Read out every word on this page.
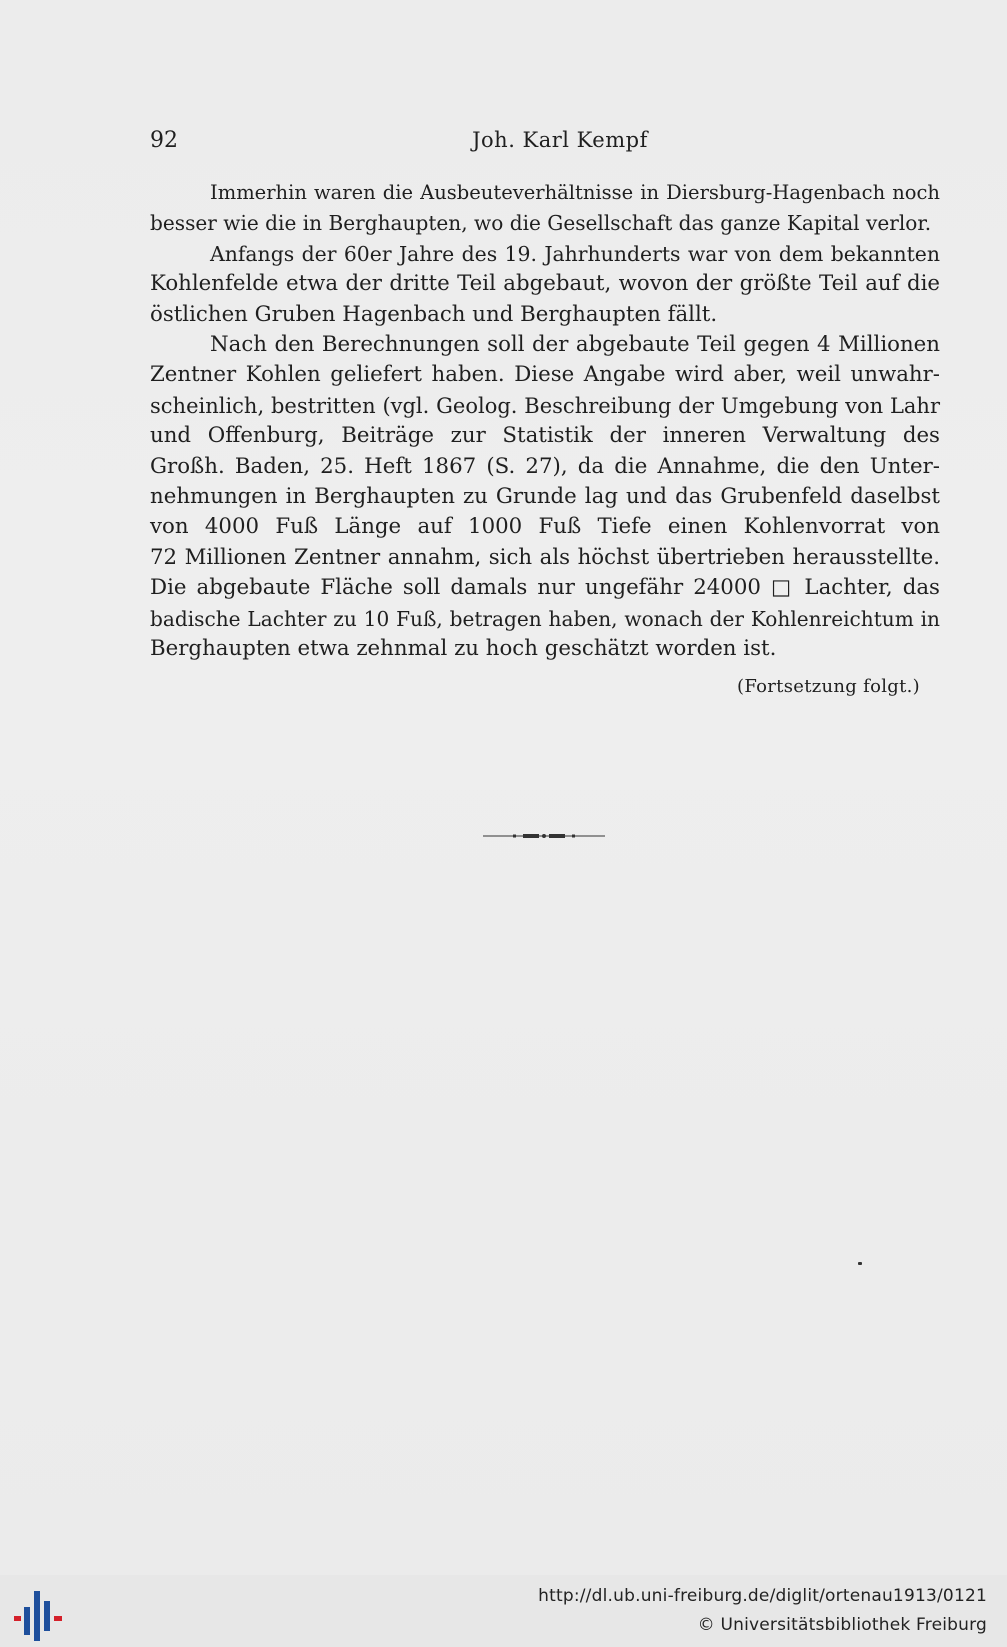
92	Joh. Karl Kempf

Immerhin waren die Ausbeuteverhältnisse in Diersburg-Hagenbach noch
besser wie die in Berghaupten, wo die Gesellschaft das ganze Kapital verlor.

Anfangs der 60er Jahre des 19. Jahrhunderts war von dem bekannten
Kohlenfelde etwa der dritte Teil abgebaut, wovon der größte Teil auf die
östlichen Gruben Hagenbach und Berghaupten fällt.

Nach den Berechnungen soll der abgebaute Teil gegen 4 Millionen
Zentner Kohlen geliefert haben. Diese Angabe wird aber, weil unwahr-
scheinlich, bestritten (vgl. Geolog. Beschreibung der Umgebung von Lahr
und Offenburg, Beiträge zur Statistik der inneren Verwaltung des
Großh. Baden, 25. Heft 1867 (S. 27), da die Annahme, die den Unter-
nehmungen in Berghaupten zu Grunde lag und das Grubenfeld daselbst
von 4000 Fuß Länge auf 1000 Fuß Tiefe einen Kohlenvorrat von
72 Millionen Zentner annahm, sich als höchst übertrieben herausstellte.
Die abgebaute Fläche soll damals nur ungefähr 24000 □ Lachter, das
badische Lachter zu 10 Fuß, betragen haben, wonach der Kohlenreichtum in
Berghaupten etwa zehnmal zu hoch geschätzt worden ist.

(Fortsetzung folgt.)
http://dl.ub.uni-freiburg.de/diglit/ortenau1913/0121
© Universitätsbibliothek Freiburg
